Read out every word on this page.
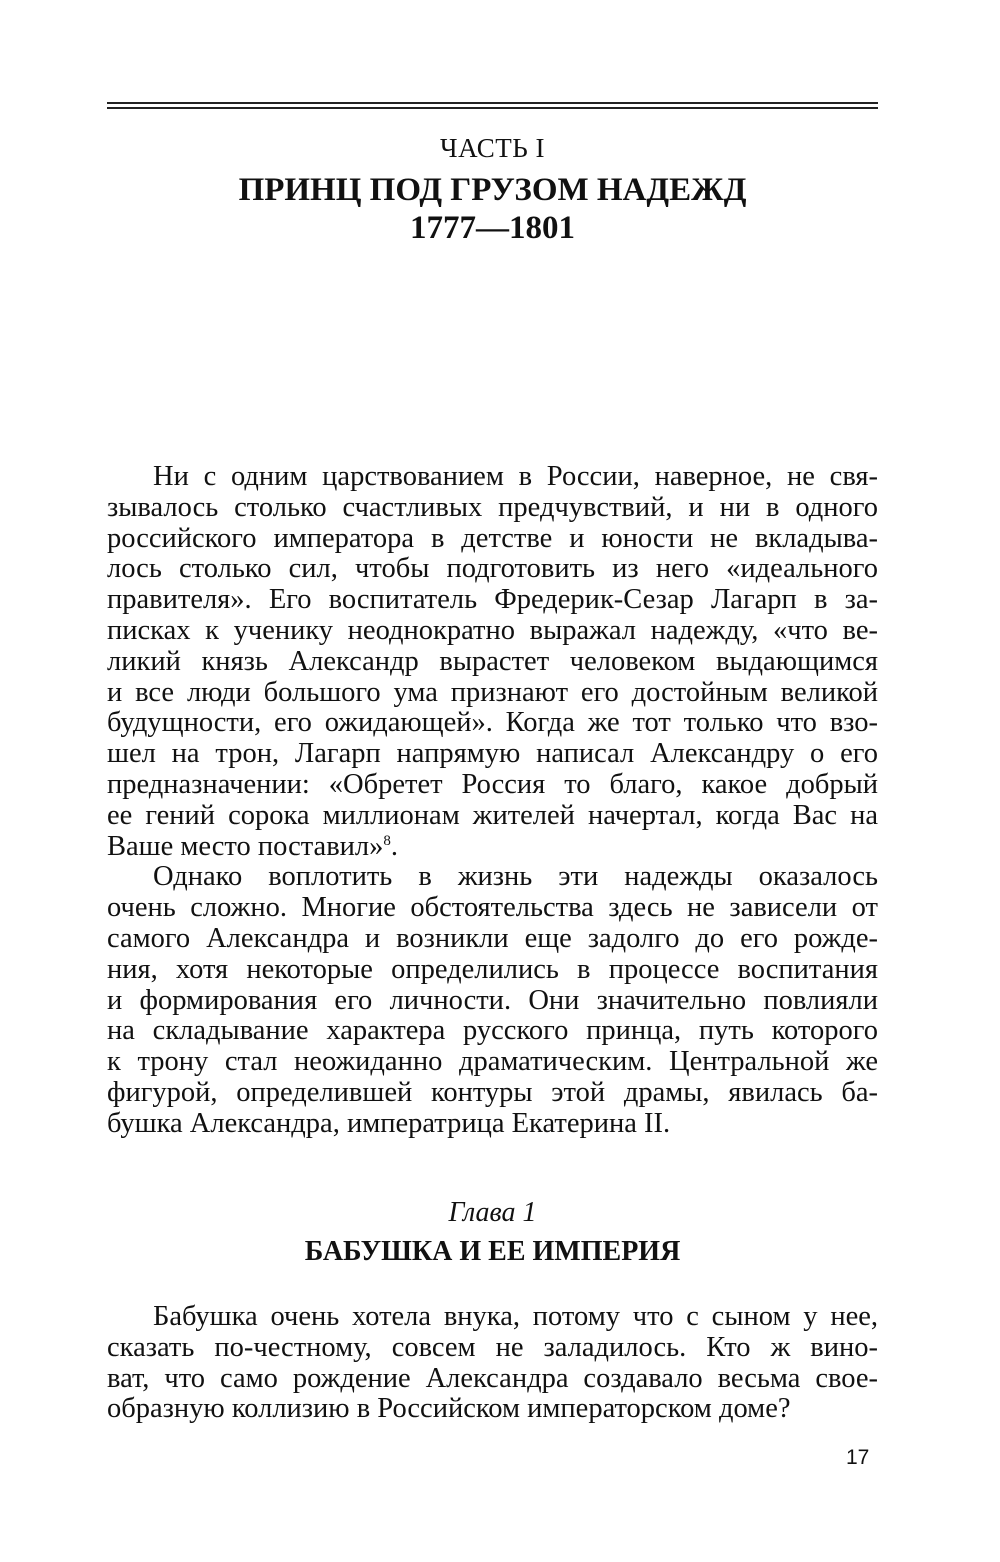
ЧАСТЬ I
ПРИНЦ ПОД ГРУЗОМ НАДЕЖД
1777—1801
Ни с одним царствованием в России, наверное, не свя-
зывалось столько счастливых предчувствий, и ни в одного
российского императора в детстве и юности не вкладыва-
лось столько сил, чтобы подготовить из него «идеального
правителя». Его воспитатель Фредерик-Сезар Лагарп в за-
писках к ученику неоднократно выражал надежду, «что ве-
ликий князь Александр вырастет человеком выдающимся
и все люди большого ума признают его достойным великой
будущности, его ожидающей». Когда же тот только что взо-
шел на трон, Лагарп напрямую написал Александру о его
предназначении: «Обретет Россия то благо, какое добрый
ее гений сорока миллионам жителей начертал, когда Вас на
Ваше место поставил»$^8$.
Однако воплотить в жизнь эти надежды оказалось
очень сложно. Многие обстоятельства здесь не зависели от
самого Александра и возникли еще задолго до его рожде-
ния, хотя некоторые определились в процессе воспитания
и формирования его личности. Они значительно повлияли
на складывание характера русского принца, путь которого
к трону стал неожиданно драматическим. Центральной же
фигурой, определившей контуры этой драмы, явилась ба-
бушка Александра, императрица Екатерина II.
Глава 1
БАБУШКА И ЕЕ ИМПЕРИЯ
Бабушка очень хотела внука, потому что с сыном у нее,
сказать по-честному, совсем не заладилось. Кто ж вино-
ват, что само рождение Александра создавало весьма свое-
образную коллизию в Российском императорском доме?
17
